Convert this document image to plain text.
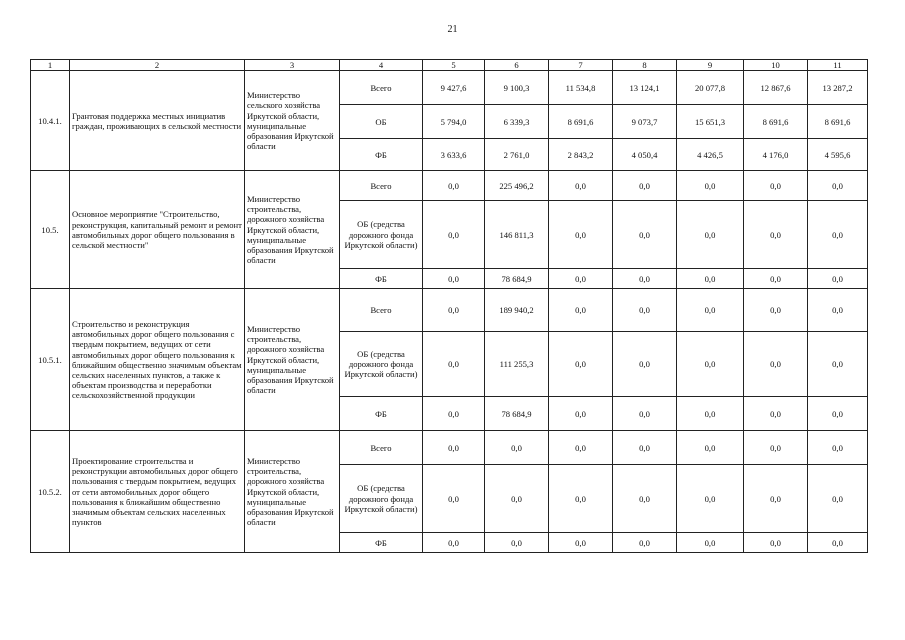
21
1	2	3	4	5	6	7	8	9	10	11
10.4.1.	Грантовая поддержка местных инициатив граждан, проживающих в сельской местности	Министерство сельского хозяйства Иркутской области, муниципальные образования Иркутской области	Всего	9 427,6	9 100,3	11 534,8	13 124,1	20 077,8	12 867,6	13 287,2
			ОБ	5 794,0	6 339,3	8 691,6	9 073,7	15 651,3	8 691,6	8 691,6
			ФБ	3 633,6	2 761,0	2 843,2	4 050,4	4 426,5	4 176,0	4 595,6
10.5.	Основное мероприятие "Строительство, реконструкция, капитальный ремонт и ремонт автомобильных дорог общего пользования в сельской местности"	Министерство строительства, дорожного хозяйства Иркутской области, муниципальные образования Иркутской области	Всего	0,0	225 496,2	0,0	0,0	0,0	0,0	0,0
			ОБ (средства дорожного фонда Иркутской области)	0,0	146 811,3	0,0	0,0	0,0	0,0	0,0
			ФБ	0,0	78 684,9	0,0	0,0	0,0	0,0	0,0
10.5.1.	Строительство и реконструкция автомобильных дорог общего пользования с твердым покрытием, ведущих от сети автомобильных дорог общего пользования к ближайшим общественно значимым объектам сельских населенных пунктов, а также к объектам производства и переработки сельскохозяйственной продукции	Министерство строительства, дорожного хозяйства Иркутской области, муниципальные образования Иркутской области	Всего	0,0	189 940,2	0,0	0,0	0,0	0,0	0,0
			ОБ (средства дорожного фонда Иркутской области)	0,0	111 255,3	0,0	0,0	0,0	0,0	0,0
			ФБ	0,0	78 684,9	0,0	0,0	0,0	0,0	0,0
10.5.2.	Проектирование строительства и реконструкции автомобильных дорог общего пользования с твердым покрытием, ведущих от сети автомобильных дорог общего пользования к ближайшим общественно значимым объектам сельских населенных пунктов	Министерство строительства, дорожного хозяйства Иркутской области, муниципальные образования Иркутской области	Всего	0,0	0,0	0,0	0,0	0,0	0,0	0,0
			ОБ (средства дорожного фонда Иркутской области)	0,0	0,0	0,0	0,0	0,0	0,0	0,0
			ФБ	0,0	0,0	0,0	0,0	0,0	0,0	0,0
